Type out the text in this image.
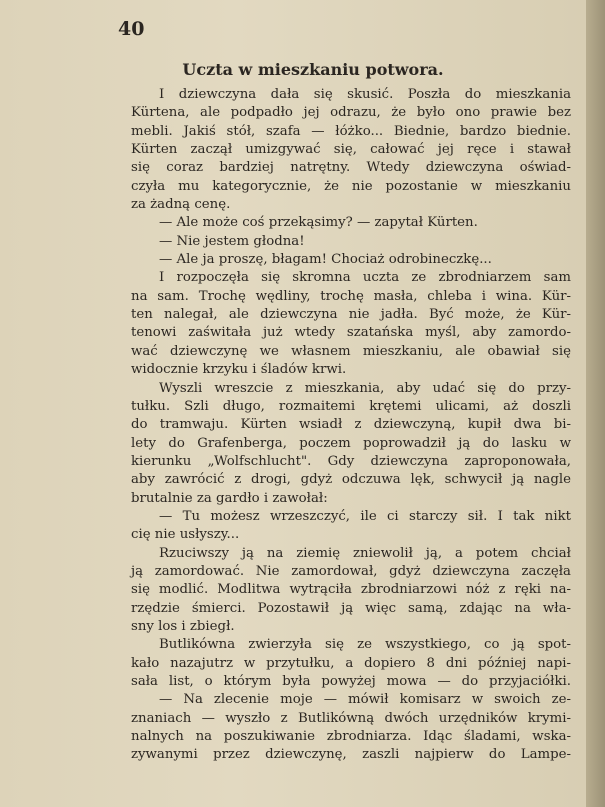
40
Uczta w mieszkaniu potwora.

I dziewczyna dała się skusić. Poszła do mieszkania

Kürtena, ale podpadło jej odrazu, że było ono prawie bez

mebli. Jakiś stół, szafa — łóżko... Biednie, bardzo biednie.

Kürten zaczął umizgywać się, całować jej ręce i stawał

się coraz bardziej natrętny. Wtedy dziewczyna oświad-

czyła mu kategorycznie, że nie pozostanie w mieszkaniu

za żadną cenę.

— Ale może coś przekąsimy? — zapytał Kürten.

— Nie jestem głodna!

— Ale ja proszę, błagam! Chociaż odrobineczkę...

I rozpoczęła się skromna uczta ze zbrodniarzem sam

na sam. Trochę wędliny, trochę masła, chleba i wina. Kür-

ten nalegał, ale dziewczyna nie jadła. Być może, że Kür-

tenowi zaświtała już wtedy szatańska myśl, aby zamordo-

wać dziewczynę we własnem mieszkaniu, ale obawiał się

widocznie krzyku i śladów krwi.

Wyszli wreszcie z mieszkania, aby udać się do przy-

tułku. Szli długo, rozmaitemi krętemi ulicami, aż doszli

do tramwaju. Kürten wsiadł z dziewczyną, kupił dwa bi-

lety do Grafenberga, poczem poprowadził ją do lasku w

kierunku „Wolfschlucht". Gdy dziewczyna zaproponowała,

aby zawrócić z drogi, gdyż odczuwa lęk, schwycił ją nagle

brutalnie za gardło i zawołał:

— Tu możesz wrzeszczyć, ile ci starczy sił. I tak nikt

cię nie usłyszy...

Rzuciwszy ją na ziemię zniewolił ją, a potem chciał

ją zamordować. Nie zamordował, gdyż dziewczyna zaczęła

się modlić. Modlitwa wytrąciła zbrodniarzowi nóż z ręki na-

rzędzie śmierci. Pozostawił ją więc samą, zdając na wła-

sny los i zbiegł.

Butlikówna zwierzyła się ze wszystkiego, co ją spot-

kało nazajutrz w przytułku, a dopiero 8 dni później napi-

sała list, o którym była powyżej mowa — do przyjaciółki.

— Na zlecenie moje — mówił komisarz w swoich ze-

znaniach — wyszło z Butlikówną dwóch urzędników krymi-

nalnych na poszukiwanie zbrodniarza. Idąc śladami, wska-

zywanymi przez dziewczynę, zaszli najpierw do Lampe-
